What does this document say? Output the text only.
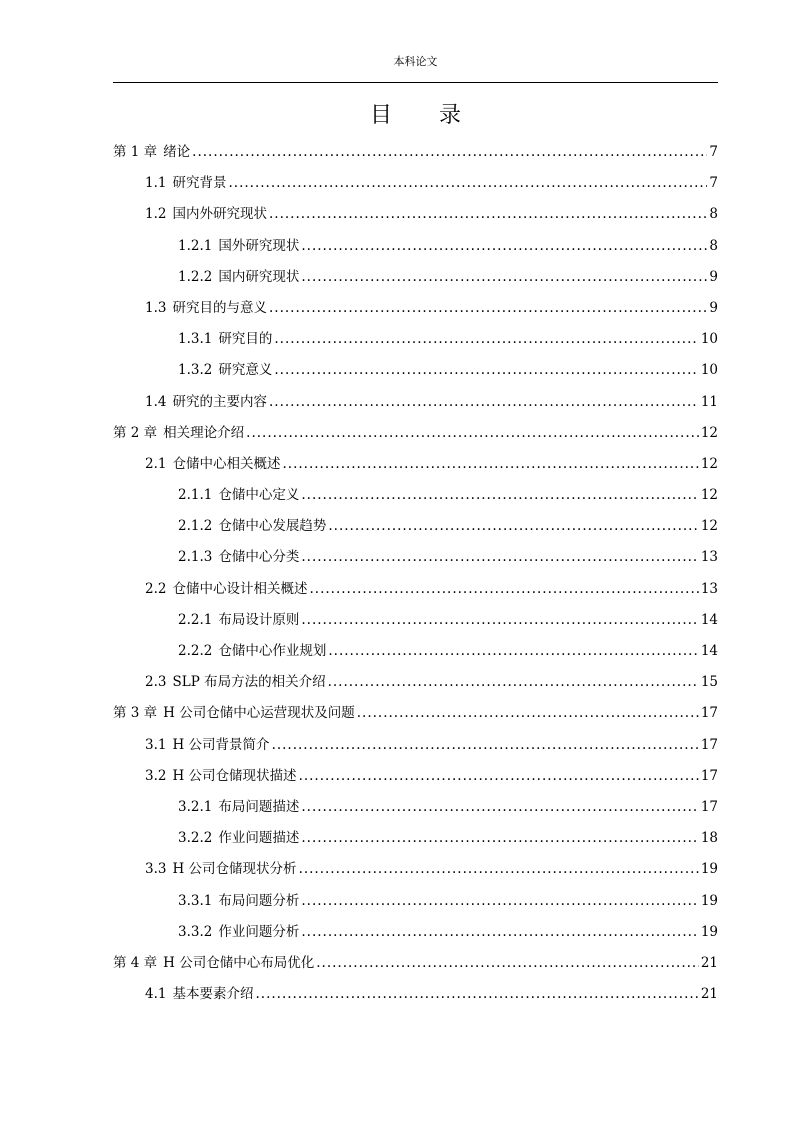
本科论文
目 录
第 1 章 绪论 .....	7
1.1 研究背景 .....	7
1.2 国内外研究现状 .....	8
1.2.1 国外研究现状 .....	8
1.2.2 国内研究现状 .....	9
1.3 研究目的与意义 .....	9
1.3.1 研究目的 .....	10
1.3.2 研究意义 .....	10
1.4 研究的主要内容 .....	11
第 2 章 相关理论介绍 .....	12
2.1 仓储中心相关概述 .....	12
2.1.1 仓储中心定义 .....	12
2.1.2 仓储中心发展趋势 .....	12
2.1.3 仓储中心分类 .....	13
2.2 仓储中心设计相关概述 .....	13
2.2.1 布局设计原则 .....	14
2.2.2 仓储中心作业规划 .....	14
2.3 SLP 布局方法的相关介绍 .....	15
第 3 章 H 公司仓储中心运营现状及问题 .....	17
3.1 H 公司背景简介 .....	17
3.2 H 公司仓储现状描述 .....	17
3.2.1 布局问题描述 .....	17
3.2.2 作业问题描述 .....	18
3.3 H 公司仓储现状分析 .....	19
3.3.1 布局问题分析 .....	19
3.3.2 作业问题分析 .....	19
第 4 章 H 公司仓储中心布局优化 .....	21
4.1 基本要素介绍 .....	21
